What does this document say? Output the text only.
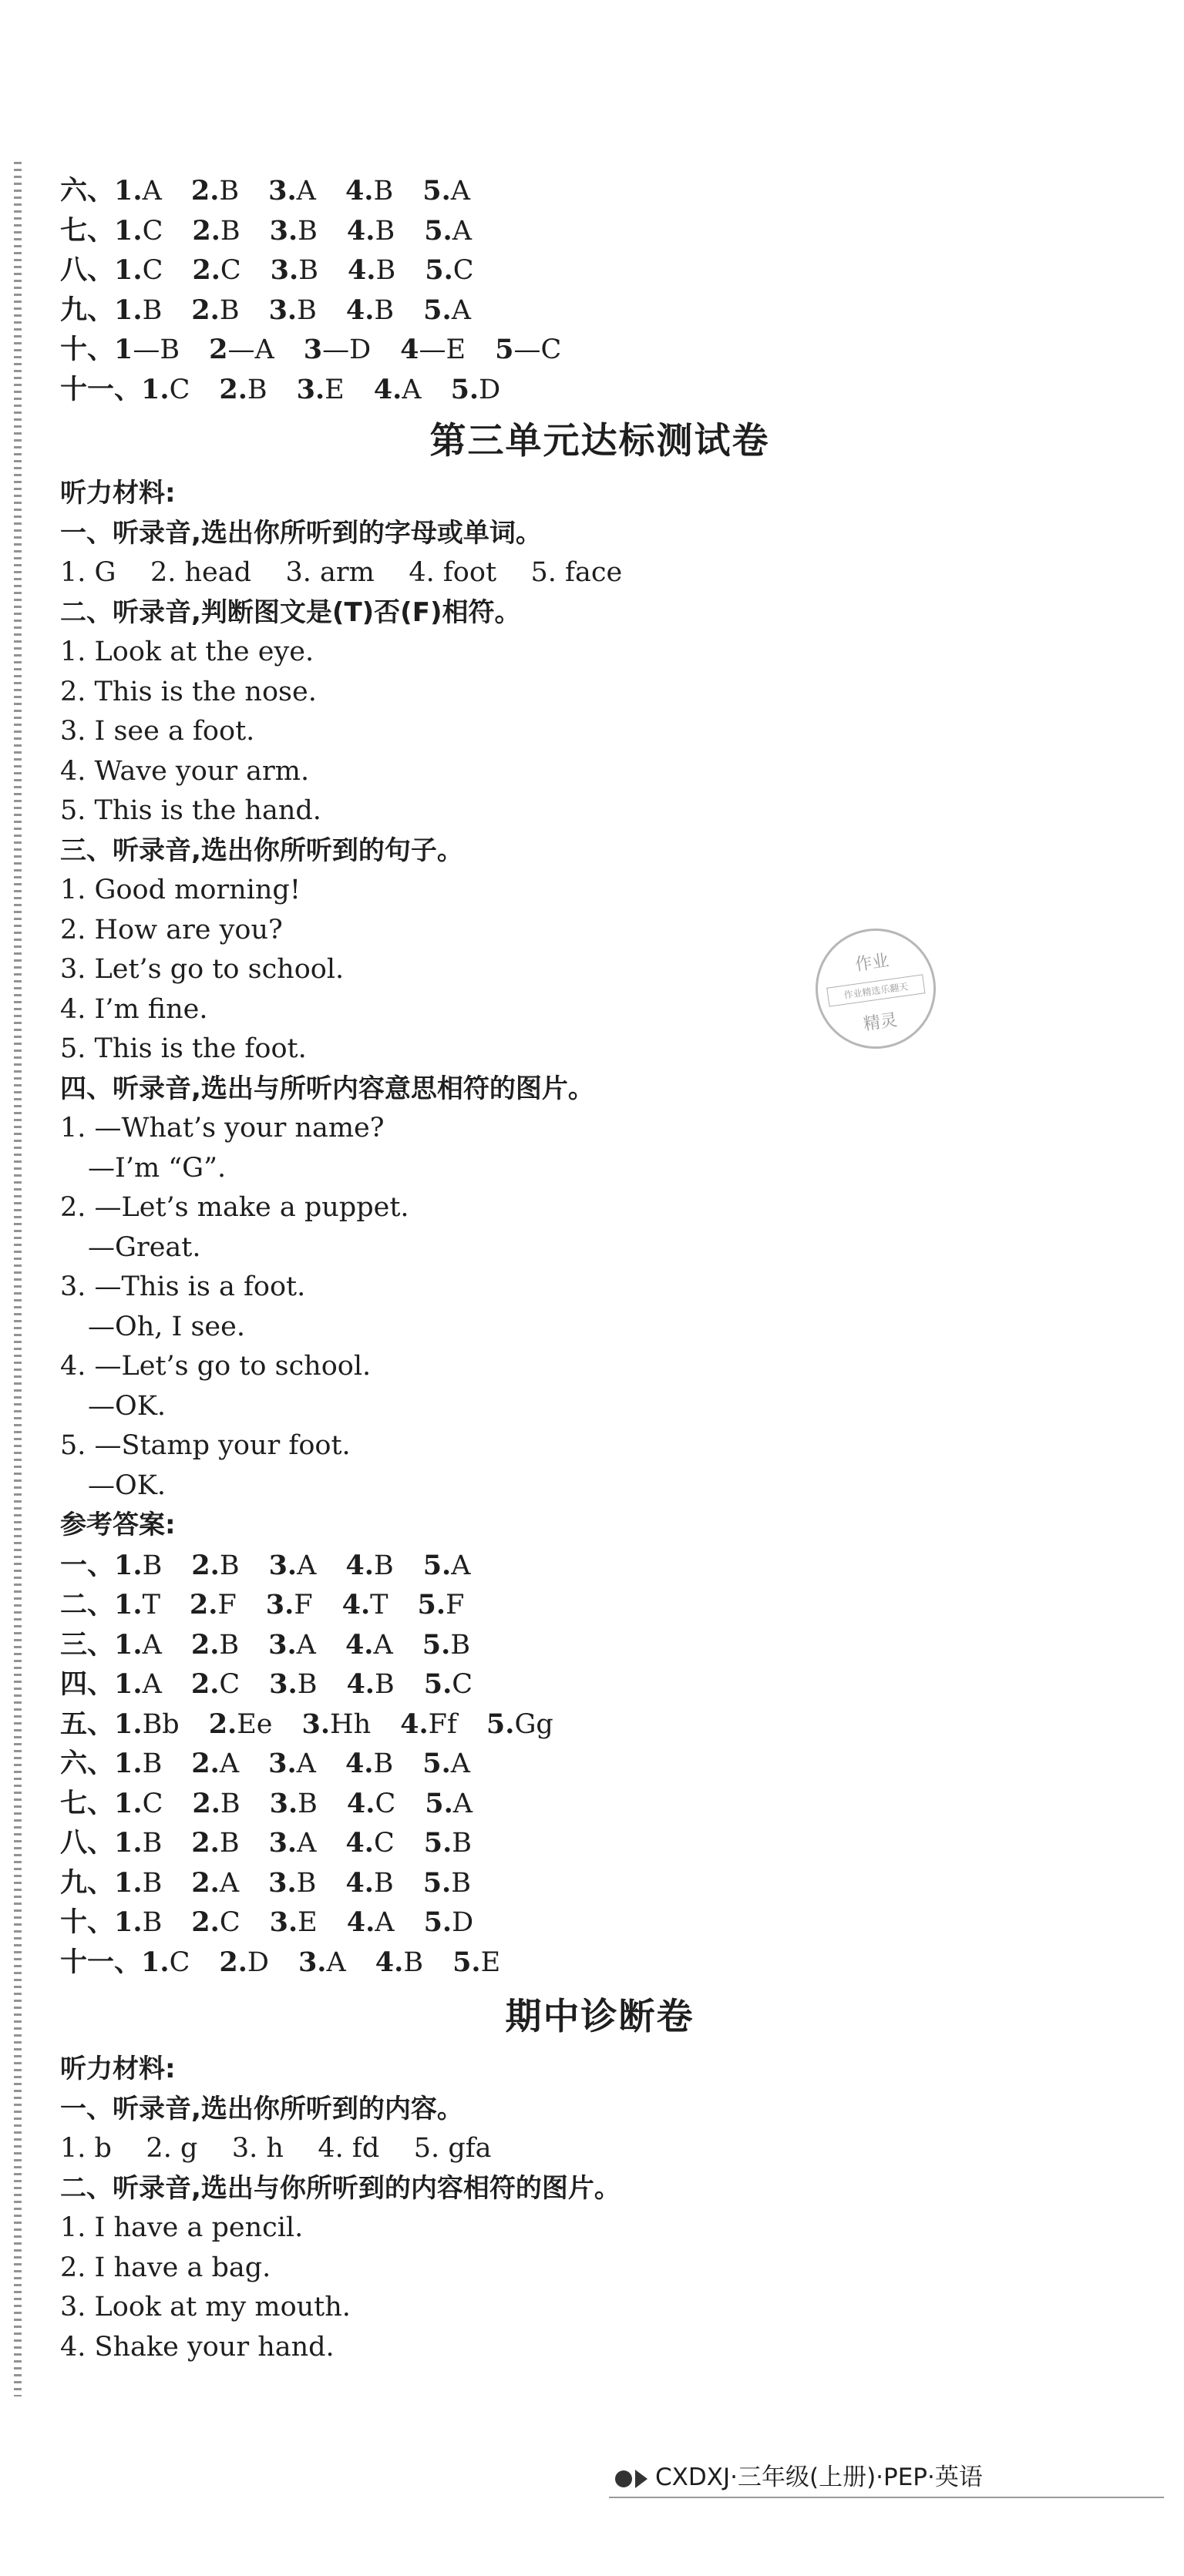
六、1.A 2.B 3.A 4.B 5.A
七、1.C 2.B 3.B 4.B 5.A
八、1.C 2.C 3.B 4.B 5.C
九、1.B 2.B 3.B 4.B 5.A
十、1—B 2—A 3—D 4—E 5—C
十一、1.C 2.B 3.E 4.A 5.D
第三单元达标测试卷
听力材料:
一、听录音,选出你所听到的字母或单词。
1. G    2. head    3. arm    4. foot    5. face
二、听录音,判断图文是(T)否(F)相符。
1. Look at the eye.
2. This is the nose.
3. I see a foot.
4. Wave your arm.
5. This is the hand.
三、听录音,选出你所听到的句子。
1. Good morning!
2. How are you?
3. Let’s go to school.
4. I’m fine.
5. This is the foot.
四、听录音,选出与所听内容意思相符的图片。
1. —What’s your name?
—I’m “G”.
2. —Let’s make a puppet.
—Great.
3. —This is a foot.
—Oh, I see.
4. —Let’s go to school.
—OK.
5. —Stamp your foot.
—OK.
参考答案:
一、1.B 2.B 3.A 4.B 5.A
二、1.T 2.F 3.F 4.T 5.F
三、1.A 2.B 3.A 4.A 5.B
四、1.A 2.C 3.B 4.B 5.C
五、1.Bb 2.Ee 3.Hh 4.Ff 5.Gg
六、1.B 2.A 3.A 4.B 5.A
七、1.C 2.B 3.B 4.C 5.A
八、1.B 2.B 3.A 4.C 5.B
九、1.B 2.A 3.B 4.B 5.B
十、1.B 2.C 3.E 4.A 5.D
十一、1.C 2.D 3.A 4.B 5.E
期中诊断卷
听力材料:
一、听录音,选出你所听到的内容。
1. b    2. g    3. h    4. fd    5. gfa
二、听录音,选出与你所听到的内容相符的图片。
1. I have a pencil.
2. I have a bag.
3. Look at my mouth.
4. Shake your hand.
作业
作业精选乐翻天
精灵
CXDXJ·三年级(上册)·PEP·英语
